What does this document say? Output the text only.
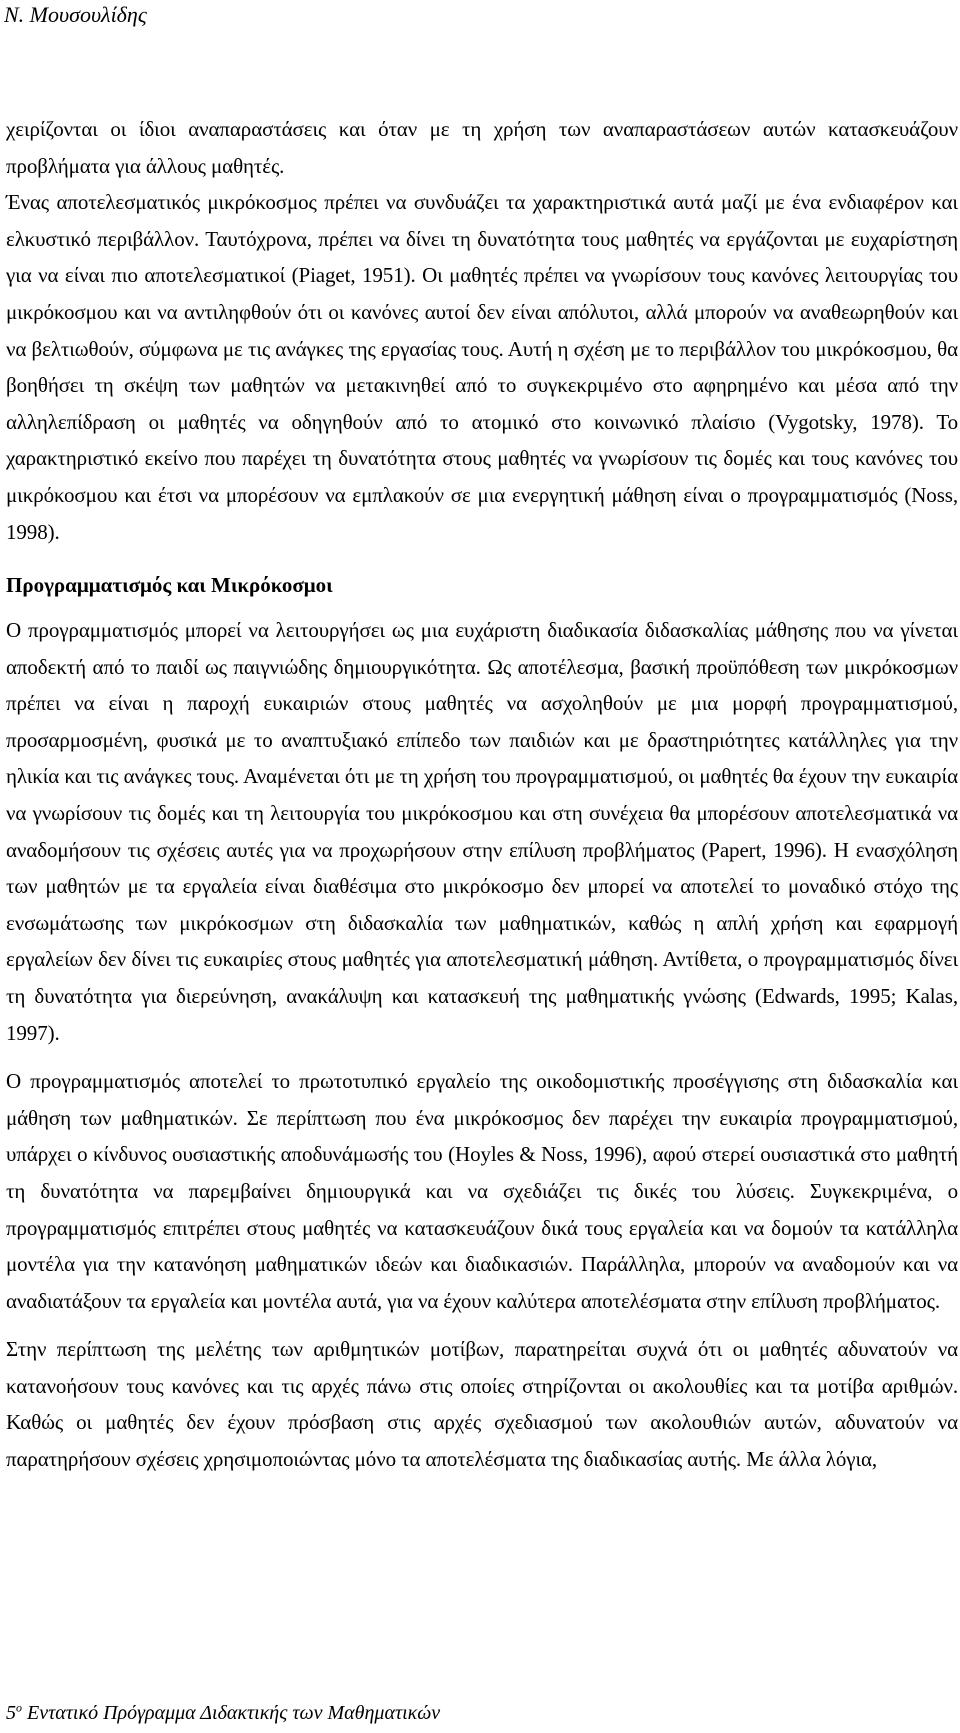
Ν. Μουσουλίδης

χειρίζονται οι ίδιοι αναπαραστάσεις και όταν με τη χρήση των αναπαραστάσεων αυτών κατασκευάζουν προβλήματα για άλλους μαθητές.

Ένας αποτελεσματικός μικρόκοσμος πρέπει να συνδυάζει τα χαρακτηριστικά αυτά μαζί με ένα ενδιαφέρον και ελκυστικό περιβάλλον. Ταυτόχρονα, πρέπει να δίνει τη δυνατότητα τους μαθητές να εργάζονται με ευχαρίστηση για να είναι πιο αποτελεσματικοί (Piaget, 1951). Οι μαθητές πρέπει να γνωρίσουν τους κανόνες λειτουργίας του μικρόκοσμου και να αντιληφθούν ότι οι κανόνες αυτοί δεν είναι απόλυτοι, αλλά μπορούν να αναθεωρηθούν και να βελτιωθούν, σύμφωνα με τις ανάγκες της εργασίας τους. Αυτή η σχέση με το περιβάλλον του μικρόκοσμου, θα βοηθήσει τη σκέψη των μαθητών να μετακινηθεί από το συγκεκριμένο στο αφηρημένο και μέσα από την αλληλεπίδραση οι μαθητές να οδηγηθούν από το ατομικό στο κοινωνικό πλαίσιο (Vygotsky, 1978). Το χαρακτηριστικό εκείνο που παρέχει τη δυνατότητα στους μαθητές να γνωρίσουν τις δομές και τους κανόνες του μικρόκοσμου και έτσι να μπορέσουν να εμπλακούν σε μια ενεργητική μάθηση είναι ο προγραμματισμός (Noss, 1998).

Προγραμματισμός και Μικρόκοσμοι

Ο προγραμματισμός μπορεί να λειτουργήσει ως μια ευχάριστη διαδικασία διδασκαλίας μάθησης που να γίνεται αποδεκτή από το παιδί ως παιγνιώδης δημιουργικότητα. Ως αποτέλεσμα, βασική προϋπόθεση των μικρόκοσμων πρέπει να είναι η παροχή ευκαιριών στους μαθητές να ασχοληθούν με μια μορφή προγραμματισμού, προσαρμοσμένη, φυσικά με το αναπτυξιακό επίπεδο των παιδιών και με δραστηριότητες κατάλληλες για την ηλικία και τις ανάγκες τους. Αναμένεται ότι με τη χρήση του προγραμματισμού, οι μαθητές θα έχουν την ευκαιρία να γνωρίσουν τις δομές και τη λειτουργία του μικρόκοσμου και στη συνέχεια θα μπορέσουν αποτελεσματικά να αναδομήσουν τις σχέσεις αυτές για να προχωρήσουν στην επίλυση προβλήματος (Papert, 1996). Η ενασχόληση των μαθητών με τα εργαλεία είναι διαθέσιμα στο μικρόκοσμο δεν μπορεί να αποτελεί το μοναδικό στόχο της ενσωμάτωσης των μικρόκοσμων στη διδασκαλία των μαθηματικών, καθώς η απλή χρήση και εφαρμογή εργαλείων δεν δίνει τις ευκαιρίες στους μαθητές για αποτελεσματική μάθηση. Αντίθετα, ο προγραμματισμός δίνει τη δυνατότητα για διερεύνηση, ανακάλυψη και κατασκευή της μαθηματικής γνώσης (Edwards, 1995; Kalas, 1997).

Ο προγραμματισμός αποτελεί το πρωτοτυπικό εργαλείο της οικοδομιστικής προσέγγισης στη διδασκαλία και μάθηση των μαθηματικών. Σε περίπτωση που ένα μικρόκοσμος δεν παρέχει την ευκαιρία προγραμματισμού, υπάρχει ο κίνδυνος ουσιαστικής αποδυνάμωσής του (Hoyles & Noss, 1996), αφού στερεί ουσιαστικά στο μαθητή τη δυνατότητα να παρεμβαίνει δημιουργικά και να σχεδιάζει τις δικές του λύσεις. Συγκεκριμένα, ο προγραμματισμός επιτρέπει στους μαθητές να κατασκευάζουν δικά τους εργαλεία και να δομούν τα κατάλληλα μοντέλα για την κατανόηση μαθηματικών ιδεών και διαδικασιών. Παράλληλα, μπορούν να αναδομούν και να αναδιατάξουν τα εργαλεία και μοντέλα αυτά, για να έχουν καλύτερα αποτελέσματα στην επίλυση προβλήματος.

Στην περίπτωση της μελέτης των αριθμητικών μοτίβων, παρατηρείται συχνά ότι οι μαθητές αδυνατούν να κατανοήσουν τους κανόνες και τις αρχές πάνω στις οποίες στηρίζονται οι ακολουθίες και τα μοτίβα αριθμών. Καθώς οι μαθητές δεν έχουν πρόσβαση στις αρχές σχεδιασμού των ακολουθιών αυτών, αδυνατούν να παρατηρήσουν σχέσεις χρησιμοποιώντας μόνο τα αποτελέσματα της διαδικασίας αυτής. Με άλλα λόγια,

$5^o$ Εντατικό Πρόγραμμα Διδακτικής των Μαθηματικών
